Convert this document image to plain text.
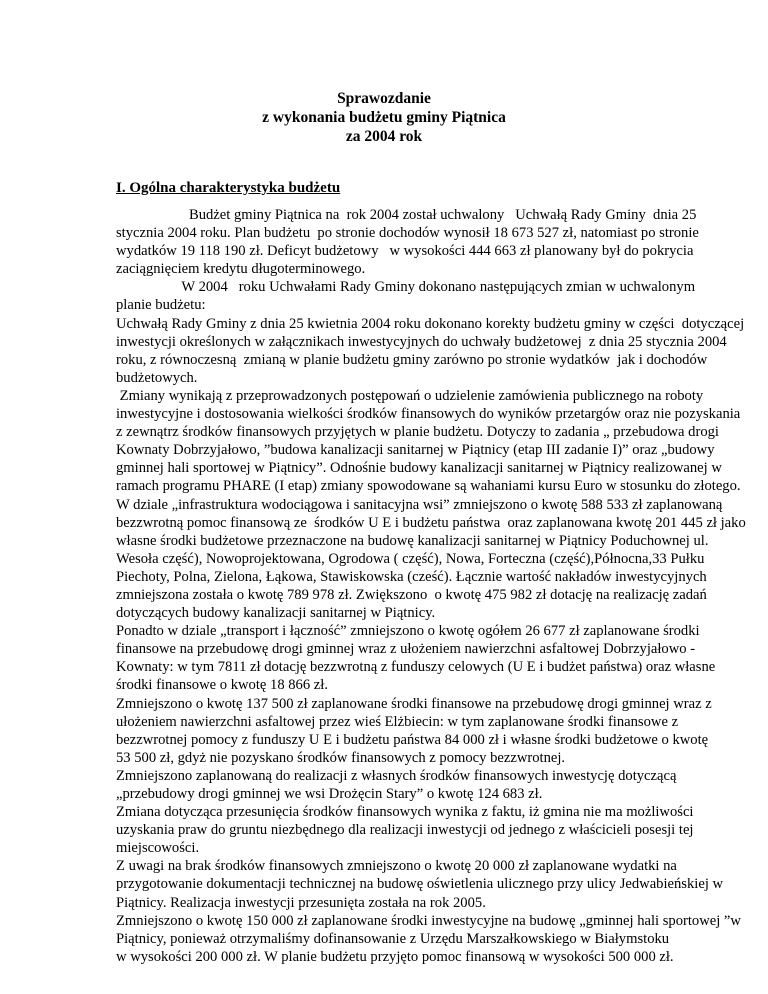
Sprawozdanie
z wykonania budżetu gminy Piątnica
za 2004 rok
I. Ogólna charakterystyka budżetu
Budżet gminy Piątnica na  rok 2004 został uchwalony   Uchwałą Rady Gminy  dnia 25
stycznia 2004 roku. Plan budżetu  po stronie dochodów wynosił 18 673 527 zł, natomiast po stronie
wydatków 19 118 190 zł. Deficyt budżetowy   w wysokości 444 663 zł planowany był do pokrycia
zaciągnięciem kredytu długoterminowego.
W 2004   roku Uchwałami Rady Gminy dokonano następujących zmian w uchwalonym
planie budżetu:
Uchwałą Rady Gminy z dnia 25 kwietnia 2004 roku dokonano korekty budżetu gminy w części  dotyczącej
inwestycji określonych w załącznikach inwestycyjnych do uchwały budżetowej  z dnia 25 stycznia 2004
roku, z równoczesną  zmianą w planie budżetu gminy zarówno po stronie wydatków  jak i dochodów
budżetowych.
Zmiany wynikają z przeprowadzonych postępowań o udzielenie zamówienia publicznego na roboty
inwestycyjne i dostosowania wielkości środków finansowych do wyników przetargów oraz nie pozyskania
z zewnątrz środków finansowych przyjętych w planie budżetu. Dotyczy to zadania „ przebudowa drogi
Kownaty Dobrzyjałowo, ”budowa kanalizacji sanitarnej w Piątnicy (etap III zadanie I)” oraz „budowy
gminnej hali sportowej w Piątnicy”. Odnośnie budowy kanalizacji sanitarnej w Piątnicy realizowanej w
ramach programu PHARE (I etap) zmiany spowodowane są wahaniami kursu Euro w stosunku do złotego.
W dziale „infrastruktura wodociągowa i sanitacyjna wsi” zmniejszono o kwotę 588 533 zł zaplanowaną
bezzwrotną pomoc finansową ze  środków U E i budżetu państwa  oraz zaplanowana kwotę 201 445 zł jako
własne środki budżetowe przeznaczone na budowę kanalizacji sanitarnej w Piątnicy Poduchownej ul.
Wesoła część), Nowoprojektowana, Ogrodowa ( część), Nowa, Forteczna (część),Północna,33 Pułku
Piechoty, Polna, Zielona, Łąkowa, Stawiskowska (cześć). Łącznie wartość nakładów inwestycyjnych
zmniejszona została o kwotę 789 978 zł. Zwiększono  o kwotę 475 982 zł dotację na realizację zadań
dotyczących budowy kanalizacji sanitarnej w Piątnicy.
Ponadto w dziale „transport i łączność” zmniejszono o kwotę ogółem 26 677 zł zaplanowane środki
finansowe na przebudowę drogi gminnej wraz z ułożeniem nawierzchni asfaltowej Dobrzyjałowo -
Kownaty: w tym 7811 zł dotację bezzwrotną z funduszy celowych (U E i budżet państwa) oraz własne
środki finansowe o kwotę 18 866 zł.
Zmniejszono o kwotę 137 500 zł zaplanowane środki finansowe na przebudowę drogi gminnej wraz z
ułożeniem nawierzchni asfaltowej przez wieś Elżbiecin: w tym zaplanowane środki finansowe z
bezzwrotnej pomocy z funduszy U E i budżetu państwa 84 000 zł i własne środki budżetowe o kwotę
53 500 zł, gdyż nie pozyskano środków finansowych z pomocy bezzwrotnej.
Zmniejszono zaplanowaną do realizacji z własnych środków finansowych inwestycję dotyczącą
„przebudowy drogi gminnej we wsi Drożęcin Stary” o kwotę 124 683 zł.
Zmiana dotycząca przesunięcia środków finansowych wynika z faktu, iż gmina nie ma możliwości
uzyskania praw do gruntu niezbędnego dla realizacji inwestycji od jednego z właścicieli posesji tej
miejscowości.
Z uwagi na brak środków finansowych zmniejszono o kwotę 20 000 zł zaplanowane wydatki na
przygotowanie dokumentacji technicznej na budowę oświetlenia ulicznego przy ulicy Jedwabieńskiej w
Piątnicy. Realizacja inwestycji przesunięta została na rok 2005.
Zmniejszono o kwotę 150 000 zł zaplanowane środki inwestycyjne na budowę „gminnej hali sportowej ”w
Piątnicy, ponieważ otrzymaliśmy dofinansowanie z Urzędu Marszałkowskiego w Białymstoku
w wysokości 200 000 zł. W planie budżetu przyjęto pomoc finansową w wysokości 500 000 zł.
